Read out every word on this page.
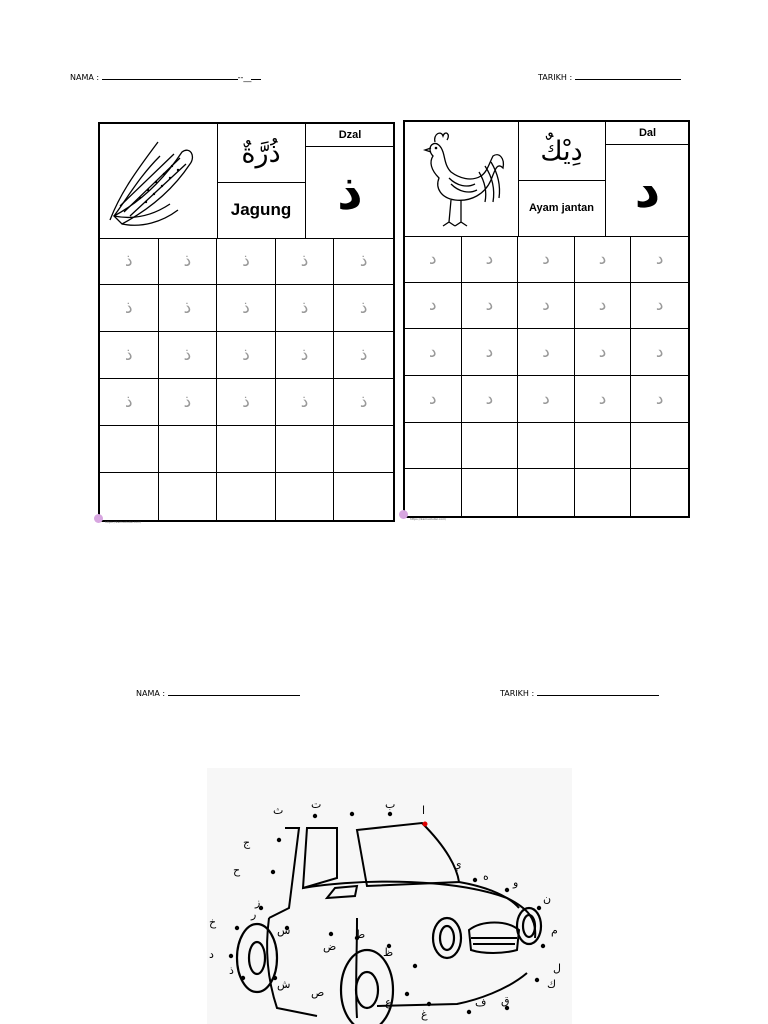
NAMA :	--__	TARIKH :
ذُرَّةٌ
Jagung
Dzal
ذ
ذ	ذ	ذ	ذ	ذ
ذ	ذ	ذ	ذ	ذ
ذ	ذ	ذ	ذ	ذ
ذ	ذ	ذ	ذ	ذ
https://kamustulisi.com/
دِيْكٌ
Ayam jantan
Dal
د
د	د	د	د	د
د	د	د	د	د
د	د	د	د	د
د	د	د	د	د
https://kamustulisi.com/
NAMA :	TARIKH :
ا
ب
ت
ث
ج
ح
خ
د
ذ
ر
ز
س
ش
ص
ض
ط
ظ
ع
غ
ف ق
ك
ل
م
ن
و
ه
ي
